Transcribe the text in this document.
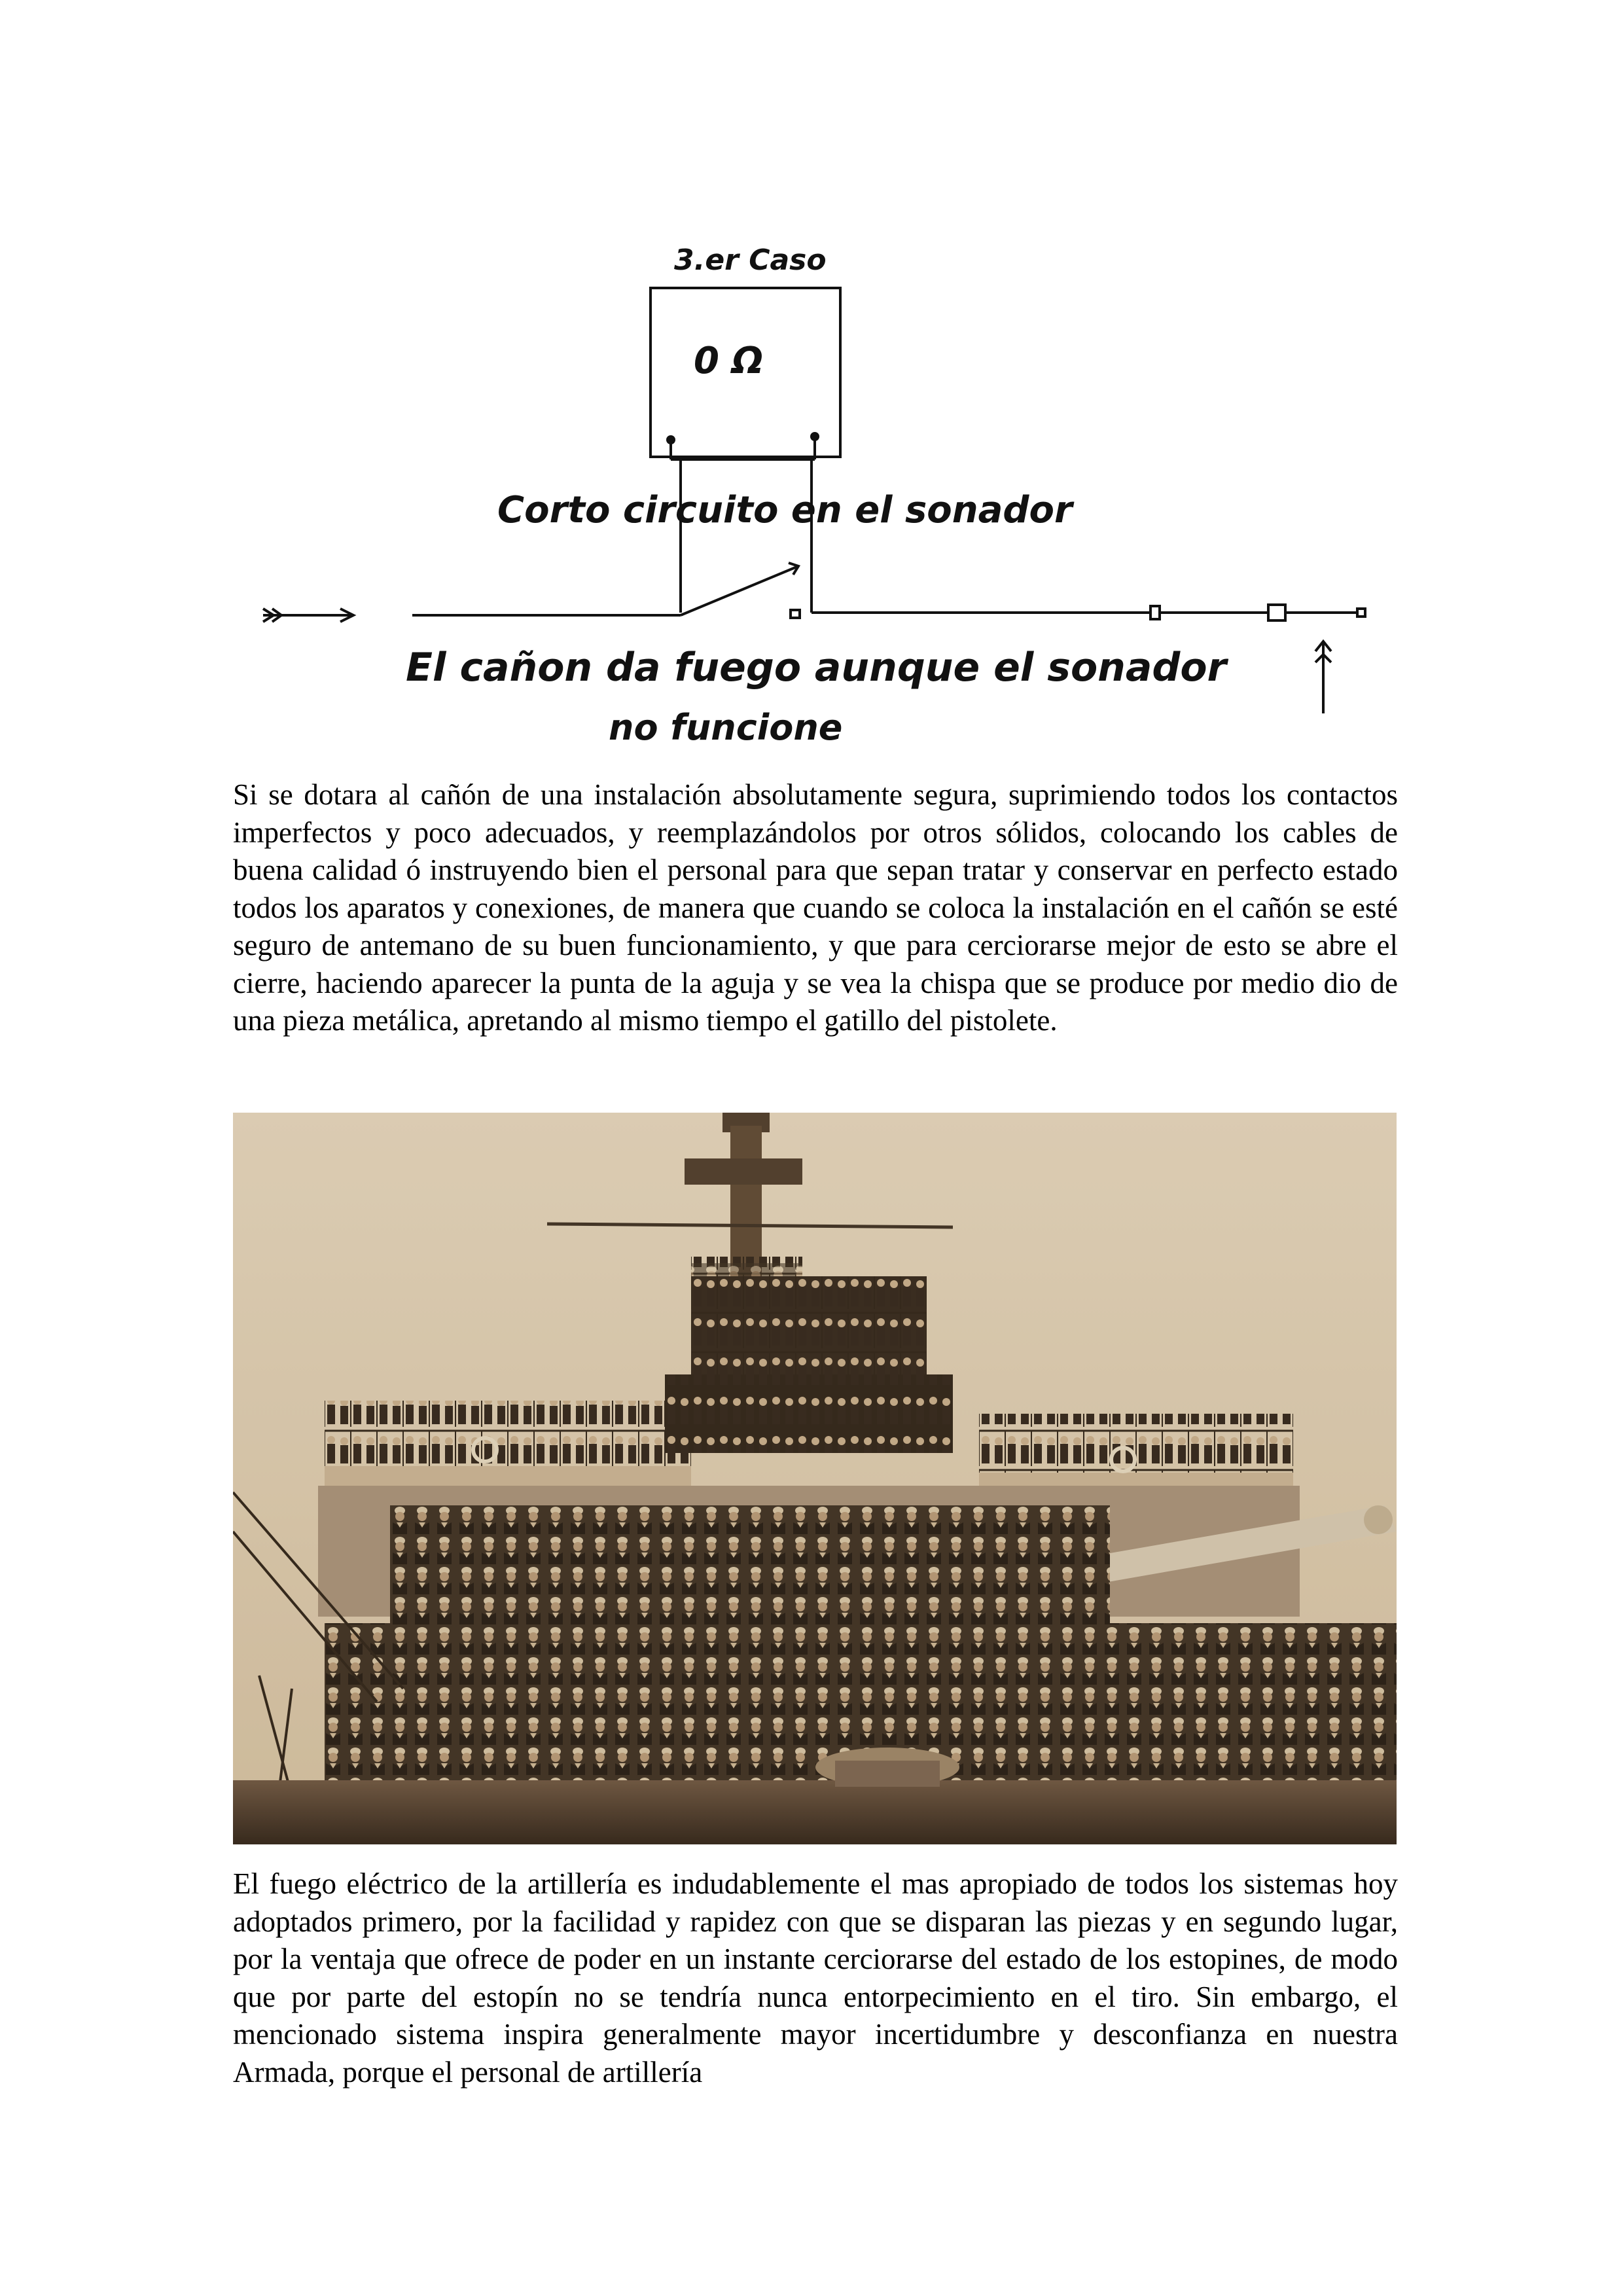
3.er Caso
0 Ω
Corto circuito en el sonador
El cañon da fuego aunque el sonador
no funcione

Si se dotara al cañón de una instalación absolutamente segura, suprimiendo todos los contactos imperfectos y poco adecuados, y reemplazándolos por otros sólidos, colocando los cables de buena calidad ó instruyendo bien el personal para que sepan tratar y conservar en perfecto estado todos los aparatos y conexiones, de manera que cuando se coloca la instalación en el cañón se esté seguro de antemano de su buen funcionamiento, y que para cerciorarse mejor de esto se abre el cierre, haciendo aparecer la punta de la aguja y se vea la chispa que se produce por medio dio de una pieza metálica, apretando al mismo tiempo el gatillo del pistolete.

El fuego eléctrico de la artillería es indudablemente el mas apropiado de todos los sistemas hoy adoptados primero, por la facilidad y rapidez con que se disparan las piezas y en segundo lugar, por la ventaja que ofrece de poder en un instante cerciorarse del estado de los estopines, de modo que por parte del estopín no se tendría nunca entorpecimiento en el tiro. Sin embargo, el mencionado sistema inspira generalmente mayor incertidumbre y desconfianza en nuestra Armada, porque el personal de artillería
